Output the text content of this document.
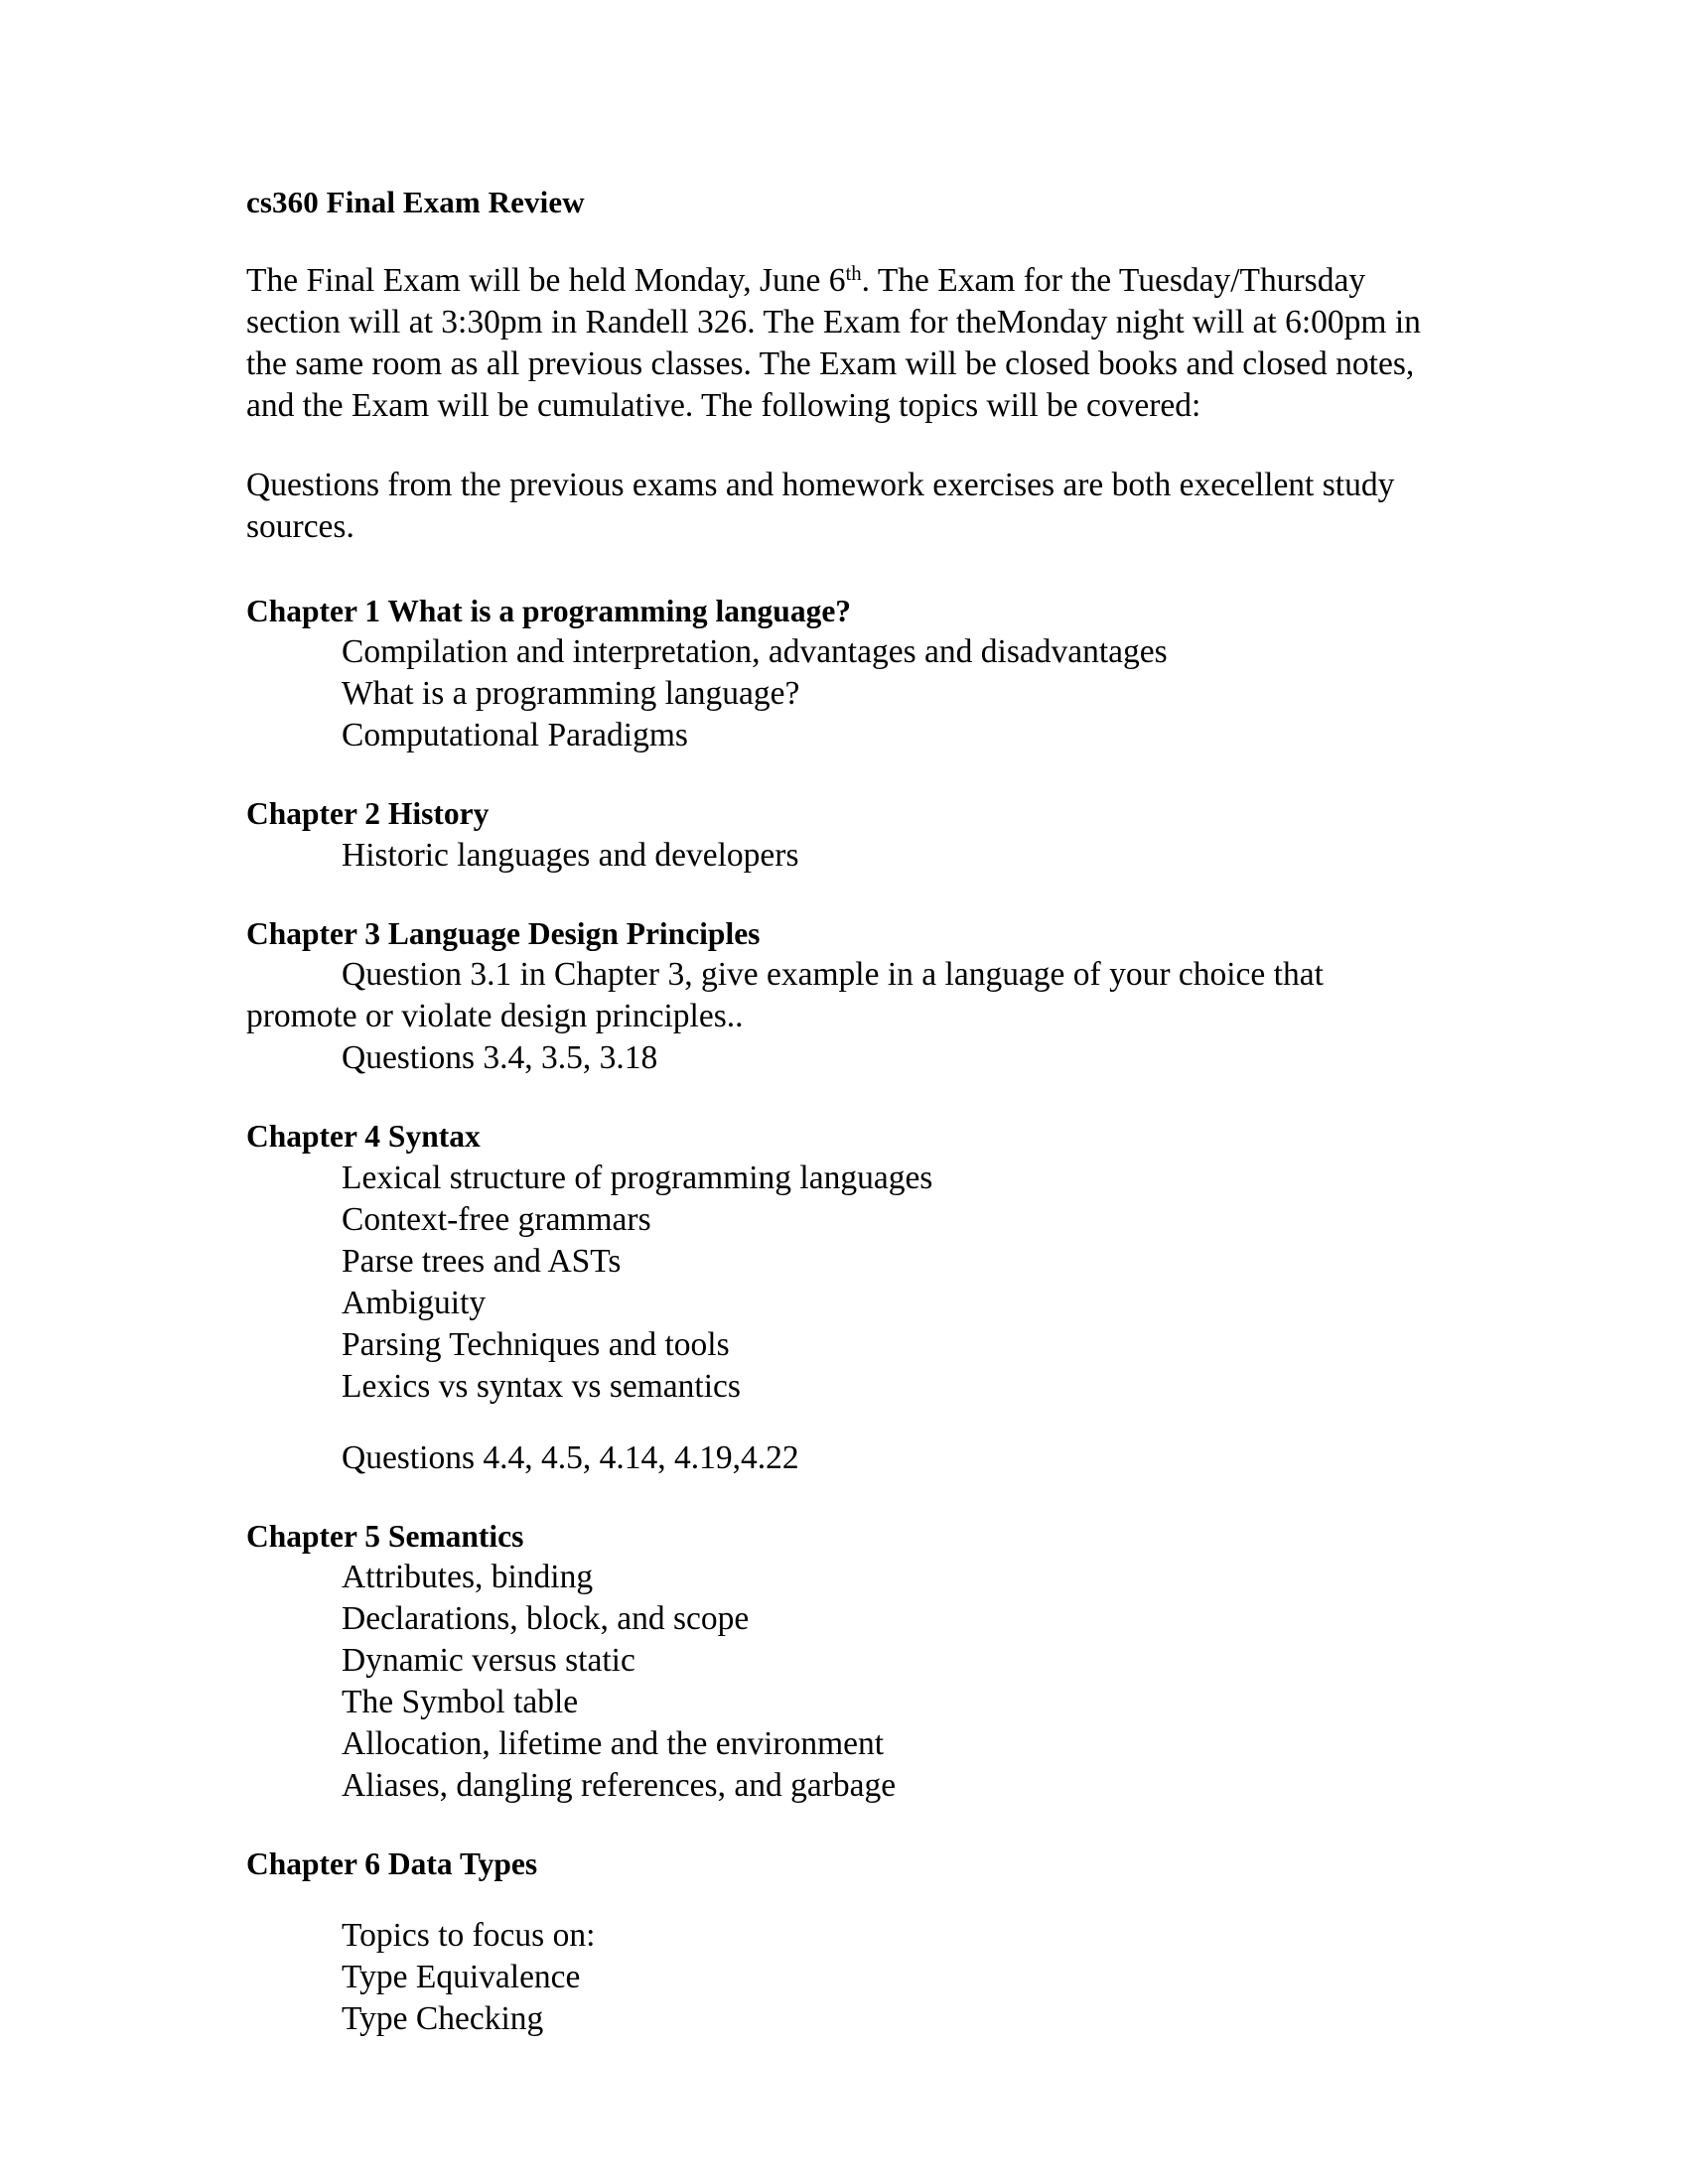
cs360 Final Exam Review

The Final Exam will be held Monday, June 6th. The Exam for the Tuesday/Thursday section will at 3:30pm in Randell 326. The Exam for theMonday night will at 6:00pm in the same room as all previous classes. The Exam will be closed books and closed notes, and the Exam will be cumulative. The following topics will be covered:

Questions from the previous exams and homework exercises are both execellent study sources.

Chapter 1 What is a programming language?
Compilation and interpretation, advantages and disadvantages
What is a programming language?
Computational Paradigms
Chapter 2 History
Historic languages and developers
Chapter 3 Language Design Principles
Question 3.1 in Chapter 3, give example in a language of your choice that promote or violate design principles..
Questions 3.4, 3.5, 3.18
Chapter 4 Syntax
Lexical structure of programming languages
Context-free grammars
Parse trees and ASTs
Ambiguity
Parsing Techniques and tools
Lexics vs syntax vs semantics
Questions 4.4, 4.5, 4.14, 4.19,4.22
Chapter 5 Semantics
Attributes, binding
Declarations, block, and scope
Dynamic versus static
The Symbol table
Allocation, lifetime and the environment
Aliases, dangling references, and garbage
Chapter 6 Data Types
Topics to focus on:
Type Equivalence
Type Checking
